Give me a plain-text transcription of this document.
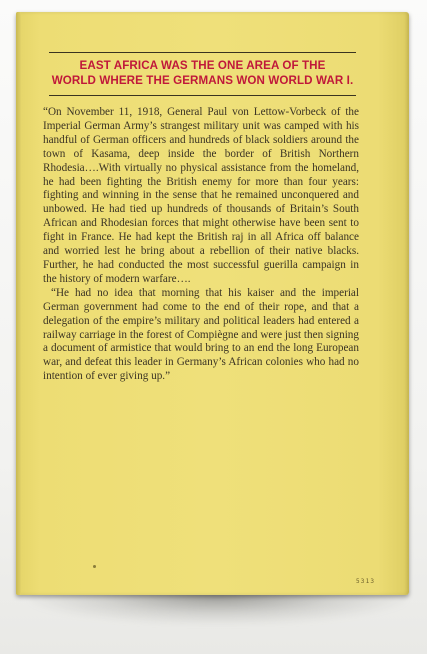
EAST AFRICA WAS THE ONE AREA OF THE
WORLD WHERE THE GERMANS WON WORLD WAR I.

“On November 11, 1918, General Paul von Lettow-Vorbeck of the Imperial German Army’s strangest military unit was camped with his handful of German officers and hundreds of black soldiers around the town of Kasama, deep inside the border of British Northern Rhodesia….With virtually no physical assistance from the homeland, he had been fighting the British enemy for more than four years: fighting and winning in the sense that he remained unconquered and unbowed. He had tied up hundreds of thousands of Britain’s South African and Rhodesian forces that might otherwise have been sent to fight in France. He had kept the British raj in all Africa off balance and worried lest he bring about a rebellion of their native blacks. Further, he had conducted the most successful guerilla campaign in the history of modern warfare….

“He had no idea that morning that his kaiser and the imperial German government had come to the end of their rope, and that a delegation of the empire’s military and political leaders had entered a railway carriage in the forest of Compiègne and were just then signing a document of armistice that would bring to an end the long European war, and defeat this leader in Germany’s African colonies who had no intention of ever giving up.”

5313
